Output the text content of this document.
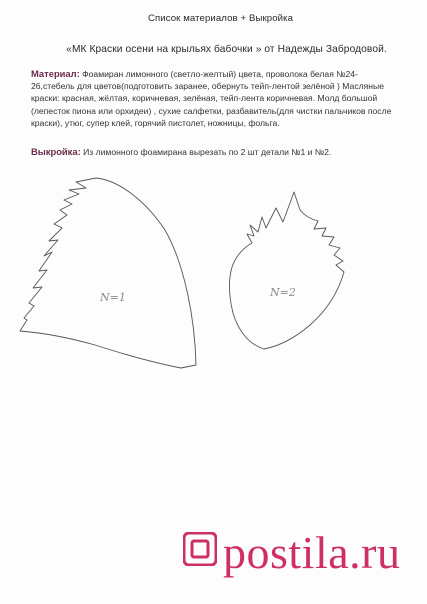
Список материалов + Выкройка
«МК Краски осени на крыльях бабочки » от Надежды Забродовой.
Материал: Фоамиран лимонного (светло-желтый) цвета, проволока белая №24-26,стебель для цветов(подготовить заранее, обернуть тейп-лентой зелёной ) Масляные краски: красная, жёлтая, коричневая, зелёная, тейп-лента коричневая. Молд большой (лепесток пиона или орхидеи) , сухие салфетки, разбавитель(для чистки пальчиков после краски), утюг, супер клей, горячий пистолет, ножницы, фольга.
Выкройка: Из лимонного фоамирана вырезать по 2 шт детали №1 и №2.
N=1	N=2
postila.ru
